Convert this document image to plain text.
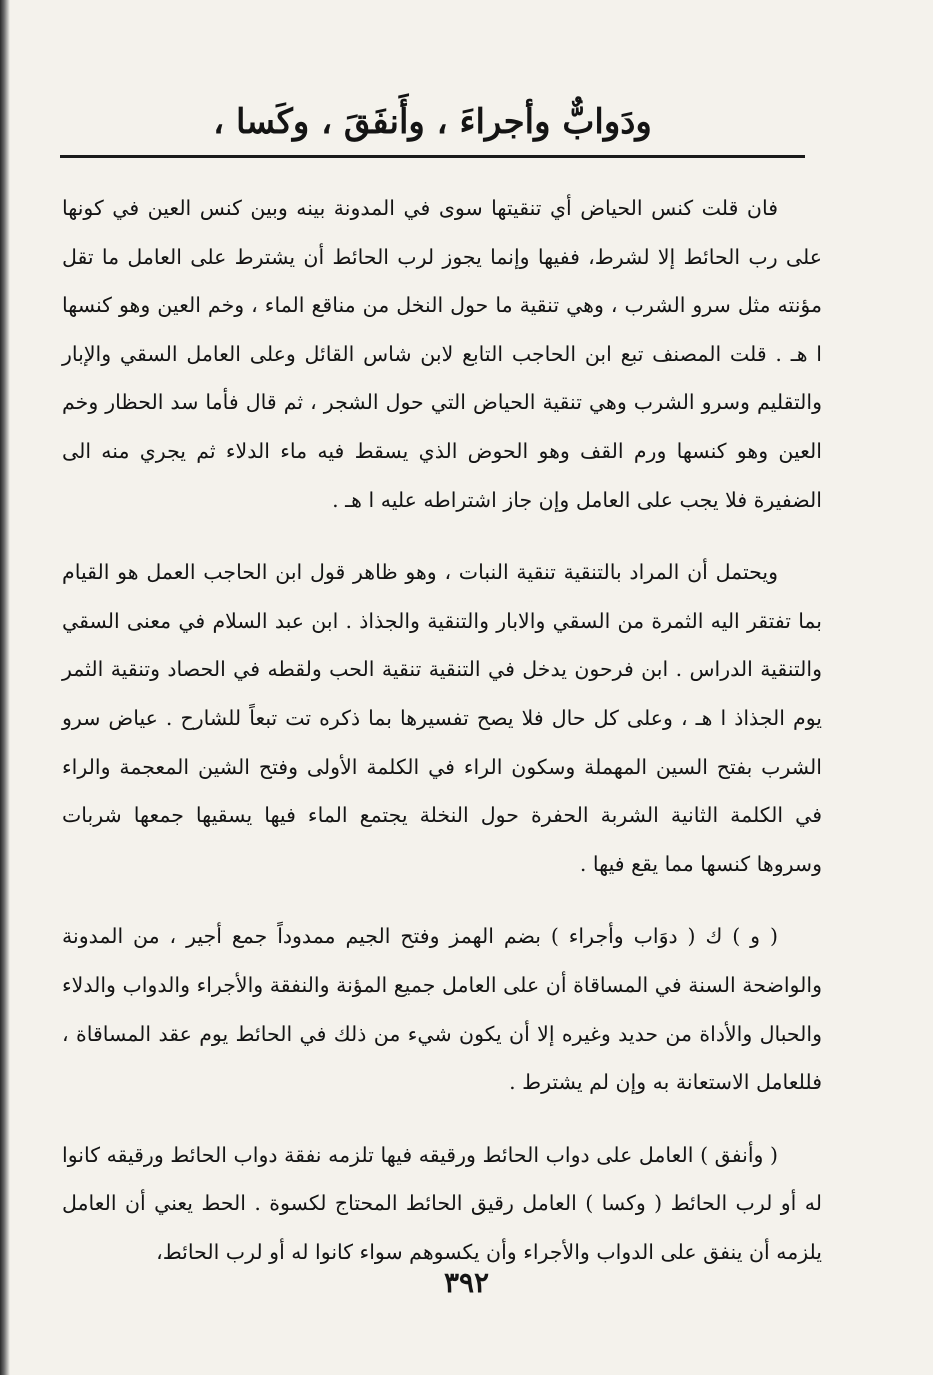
ودَوابٌّ وأجراءَ ، وأَنفَقَ ، وكَسا ،

فان قلت كنس الحياض أي تنقيتها سوى في المدونة بينه وبين كنس العين في كونها على رب الحائط إلا لشرط، ففيها وإنما يجوز لرب الحائط أن يشترط على العامل ما تقل مؤنته مثل سرو الشرب ، وهي تنقية ما حول النخل من مناقع الماء ، وخم العين وهو كنسها ا هـ . قلت المصنف تبع ابن الحاجب التابع لابن شاس القائل وعلى العامل السقي والإبار والتقليم وسرو الشرب وهي تنقية الحياض التي حول الشجر ، ثم قال فأما سد الحظار وخم العين وهو كنسها ورم القف وهو الحوض الذي يسقط فيه ماء الدلاء ثم يجري منه الى الضفيرة فلا يجب على العامل وإن جاز اشتراطه عليه ا هـ .

ويحتمل أن المراد بالتنقية تنقية النبات ، وهو ظاهر قول ابن الحاجب العمل هو القيام بما تفتقر اليه الثمرة من السقي والابار والتنقية والجذاذ . ابن عبد السلام في معنى السقي والتنقية الدراس . ابن فرحون يدخل في التنقية تنقية الحب ولقطه في الحصاد وتنقية الثمر يوم الجذاذ ا هـ ، وعلى كل حال فلا يصح تفسيرها بما ذكره تت تبعاً للشارح . عياض سرو الشرب بفتح السين المهملة وسكون الراء في الكلمة الأولى وفتح الشين المعجمة والراء في الكلمة الثانية الشربة الحفرة حول النخلة يجتمع الماء فيها يسقيها جمعها شربات وسروها كنسها مما يقع فيها .

( و ) ك ( دوَاب وأجراء ) بضم الهمز وفتح الجيم ممدوداً جمع أجير ، من المدونة والواضحة السنة في المساقاة أن على العامل جميع المؤنة والنفقة والأجراء والدواب والدلاء والحبال والأداة من حديد وغيره إلا أن يكون شيء من ذلك في الحائط يوم عقد المساقاة ، فللعامل الاستعانة به وإن لم يشترط .

( وأنفق ) العامل على دواب الحائط ورقيقه فيها تلزمه نفقة دواب الحائط ورقيقه كانوا له أو لرب الحائط ( وكسا ) العامل رقيق الحائط المحتاج لكسوة . الحط يعني أن العامل يلزمه أن ينفق على الدواب والأجراء وأن يكسوهم سواء كانوا له أو لرب الحائط،

٣٩٢
